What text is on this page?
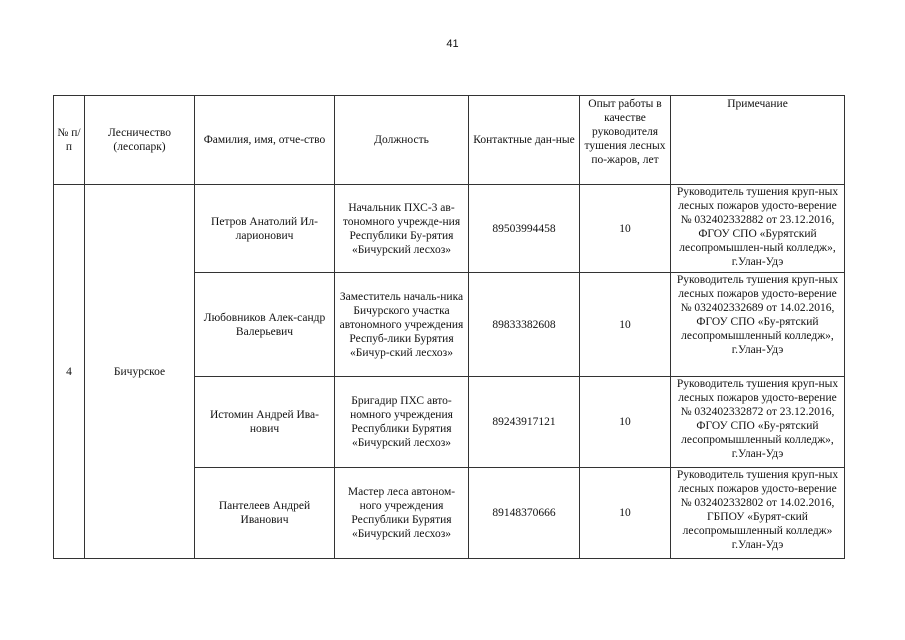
41
№ п/п	Лесничество (лесопарк)	Фамилия, имя, отче-ство	Должность	Контактные дан-ные	Опыт работы в качестве руководителя тушения лесных по-жаров, лет	Примечание
4	Бичурское	Петров Анатолий Ил-ларионович	Начальник ПХС-3 ав-тономного учрежде-ния Республики Бу-рятия «Бичурский лесхоз»	89503994458	10	Руководитель тушения круп-ных лесных пожаров удосто-верение № 032402332882 от 23.12.2016, ФГОУ СПО «Бурятский лесопромышлен-ный колледж», г.Улан-Удэ
		Любовников Алек-сандр Валерьевич	Заместитель началь-ника Бичурского участка автономного учреждения Респуб-лики Бурятия «Бичур-ский лесхоз»	89833382608	10	Руководитель тушения круп-ных лесных пожаров удосто-верение № 032402332689 от 14.02.2016, ФГОУ СПО «Бу-рятский лесопромышленный колледж», г.Улан-Удэ
		Истомин Андрей Ива-нович	Бригадир ПХС авто-номного учреждения Республики Бурятия «Бичурский лесхоз»	89243917121	10	Руководитель тушения круп-ных лесных пожаров удосто-верение № 032402332872 от 23.12.2016, ФГОУ СПО «Бу-рятский лесопромышленный колледж», г.Улан-Удэ
		Пантелеев Андрей Иванович	Мастер леса автоном-ного учреждения Республики Бурятия «Бичурский лесхоз»	89148370666	10	Руководитель тушения круп-ных лесных пожаров удосто-верение № 032402332802 от 14.02.2016, ГБПОУ «Бурят-ский лесопромышленный колледж» г.Улан-Удэ
